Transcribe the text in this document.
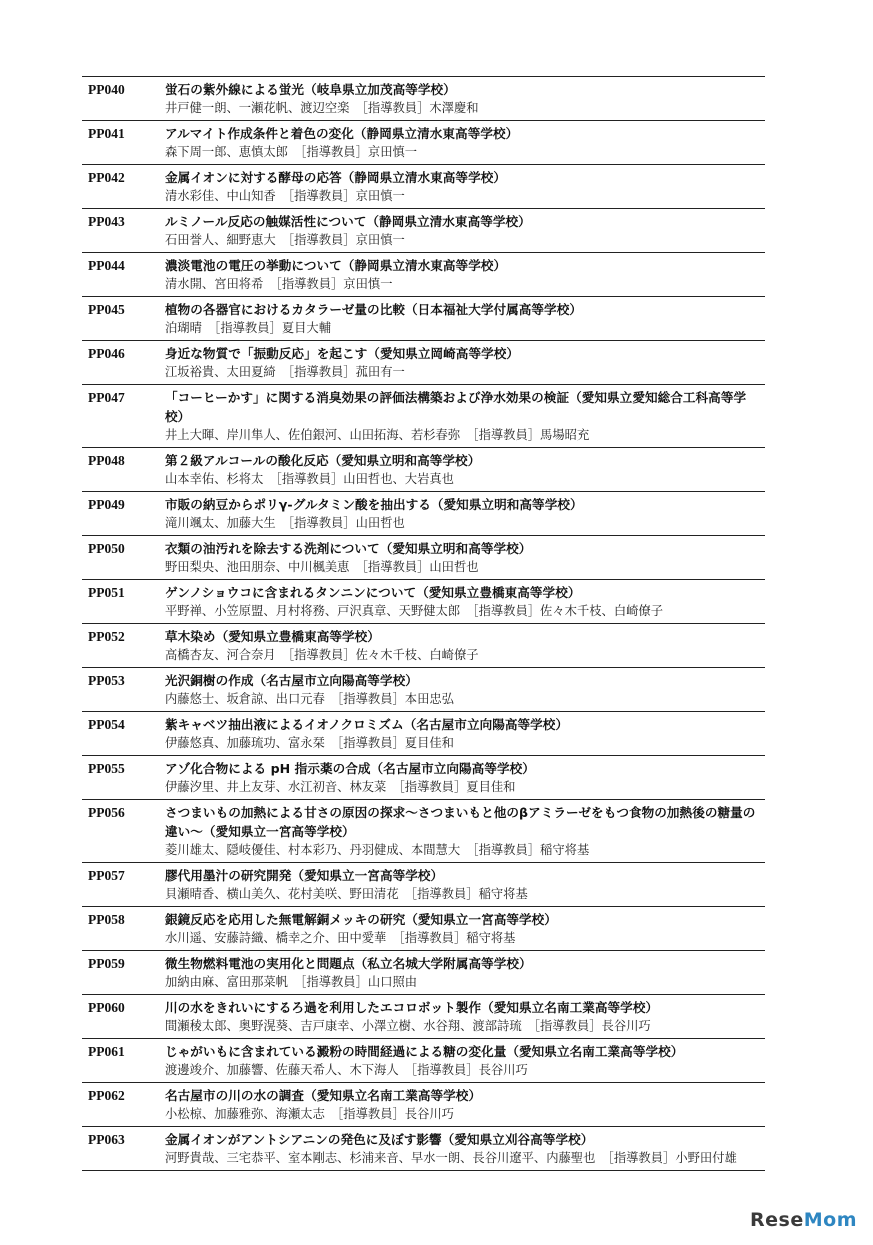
PP040	蛍石の紫外線による蛍光（岐阜県立加茂高等学校）
井戸健一朗、一瀬花帆、渡辺空楽　［指導教員］木澤慶和
PP041	アルマイト作成条件と着色の変化（静岡県立清水東高等学校）
森下周一郎、恵慎太郎　［指導教員］京田慎一
PP042	金属イオンに対する酵母の応答（静岡県立清水東高等学校）
清水彩佳、中山知香　［指導教員］京田慎一
PP043	ルミノール反応の触媒活性について（静岡県立清水東高等学校）
石田誉人、細野恵大　［指導教員］京田慎一
PP044	濃淡電池の電圧の挙動について（静岡県立清水東高等学校）
清水開、宮田将希　［指導教員］京田慎一
PP045	植物の各器官におけるカタラーゼ量の比較（日本福祉大学付属高等学校）
泊瑚晴　［指導教員］夏目大輔
PP046	身近な物質で「振動反応」を起こす（愛知県立岡崎高等学校）
江坂裕貴、太田夏綺　［指導教員］菰田有一
PP047	「コーヒーかす」に関する消臭効果の評価法構築および浄水効果の検証（愛知県立愛知総合工科高等学校）
井上大暉、岸川隼人、佐伯銀河、山田拓海、若杉春弥　［指導教員］馬場昭充
PP048	第２級アルコールの酸化反応（愛知県立明和高等学校）
山本幸佑、杉将太　［指導教員］山田哲也、大岩真也
PP049	市販の納豆からポリγ-グルタミン酸を抽出する（愛知県立明和高等学校）
滝川颯太、加藤大生　［指導教員］山田哲也
PP050	衣類の油汚れを除去する洗剤について（愛知県立明和高等学校）
野田梨央、池田朋奈、中川楓美恵　［指導教員］山田哲也
PP051	ゲンノショウコに含まれるタンニンについて（愛知県立豊橋東高等学校）
平野禅、小笠原盟、月村将務、戸沢真章、天野健太郎　［指導教員］佐々木千枝、白崎僚子
PP052	草木染め（愛知県立豊橋東高等学校）
高橋杏友、河合奈月　［指導教員］佐々木千枝、白崎僚子
PP053	光沢銅樹の作成（名古屋市立向陽高等学校）
内藤悠士、坂倉諒、出口元春　［指導教員］本田忠弘
PP054	紫キャベツ抽出液によるイオノクロミズム（名古屋市立向陽高等学校）
伊藤悠真、加藤琉功、富永栞　［指導教員］夏目佳和
PP055	アゾ化合物による pH 指示薬の合成（名古屋市立向陽高等学校）
伊藤汐里、井上友芽、水江初音、林友菜　［指導教員］夏目佳和
PP056	さつまいもの加熱による甘さの原因の探求～さつまいもと他のβアミラーゼをもつ食物の加熱後の糖量の違い～（愛知県立一宮高等学校）
菱川雄太、隠岐優佳、村本彩乃、丹羽健成、本間慧大　［指導教員］稲守将基
PP057	膠代用墨汁の研究開発（愛知県立一宮高等学校）
貝瀬晴香、横山美久、花村美咲、野田清花　［指導教員］稲守将基
PP058	銀鏡反応を応用した無電解銅メッキの研究（愛知県立一宮高等学校）
水川遥、安藤詩織、橋幸之介、田中愛華　［指導教員］稲守将基
PP059	微生物燃料電池の実用化と問題点（私立名城大学附属高等学校）
加納由麻、富田那菜帆　［指導教員］山口照由
PP060	川の水をきれいにするろ過を利用したエコロボット製作（愛知県立名南工業高等学校）
間瀬稜太郎、奥野滉葵、吉戸康幸、小澤立樹、水谷翔、渡部詩琉　［指導教員］長谷川巧
PP061	じゃがいもに含まれている澱粉の時間経過による糖の変化量（愛知県立名南工業高等学校）
渡邊竣介、加藤響、佐藤天希人、木下海人　［指導教員］長谷川巧
PP062	名古屋市の川の水の調査（愛知県立名南工業高等学校）
小松椋、加藤雅弥、海瀬太志　［指導教員］長谷川巧
PP063	金属イオンがアントシアニンの発色に及ぼす影響（愛知県立刈谷高等学校）
河野貴哉、三宅恭平、室本剛志、杉浦来音、早水一朗、長谷川遼平、内藤聖也　［指導教員］小野田付雄
ReseMom
